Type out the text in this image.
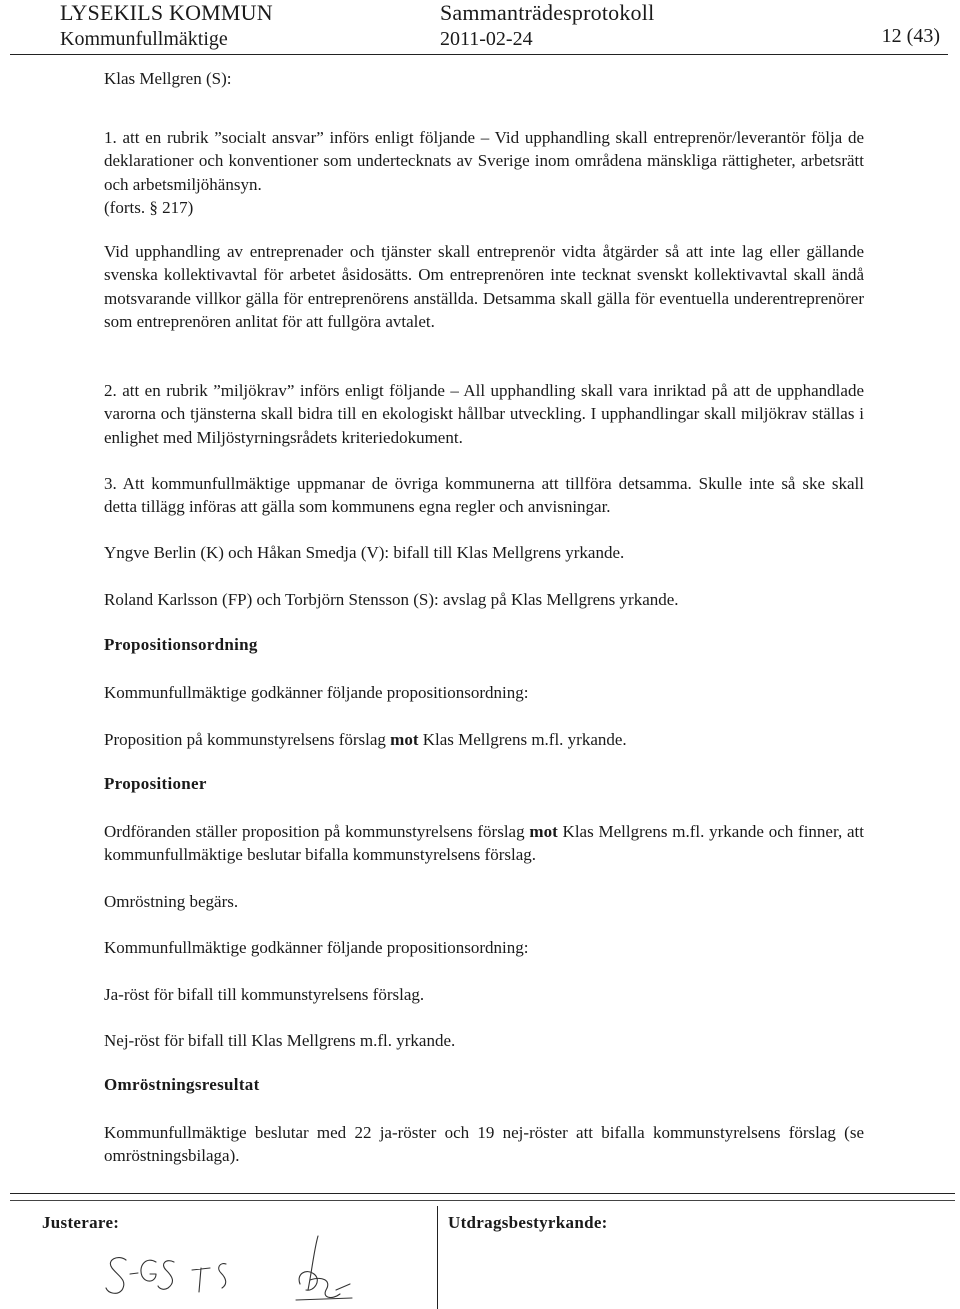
LYSEKILS KOMMUN
Kommunfullmäktige
Sammanträdesprotokoll
2011-02-24	12 (43)

Klas Mellgren (S):

1. att en rubrik ”socialt ansvar” införs enligt följande – Vid upphandling skall entreprenör/leverantör följa de deklarationer och konventioner som undertecknats av Sverige inom områdena mänskliga rättigheter, arbetsrätt och arbetsmiljöhänsyn.

(forts. § 217)

Vid upphandling av entreprenader och tjänster skall entreprenör vidta åtgärder så att inte lag eller gällande svenska kollektivavtal för arbetet åsidosätts. Om entreprenören inte tecknat svenskt kollektivavtal skall ändå motsvarande villkor gälla för entreprenörens anställda. Detsamma skall gälla för eventuella underentreprenörer som entreprenören anlitat för att fullgöra avtalet.

2. att en rubrik ”miljökrav” införs enligt följande – All upphandling skall vara inriktad på att de upphandlade varorna och tjänsterna skall bidra till en ekologiskt hållbar utveckling. I upphandlingar skall miljökrav ställas i enlighet med Miljöstyrningsrådets kriteriedokument.

3. Att kommunfullmäktige uppmanar de övriga kommunerna att tillföra detsamma. Skulle inte så ske skall detta tillägg införas att gälla som kommunens egna regler och anvisningar.

Yngve Berlin (K) och Håkan Smedja (V): bifall till Klas Mellgrens yrkande.

Roland Karlsson (FP) och Torbjörn Stensson (S): avslag på Klas Mellgrens yrkande.

Propositionsordning

Kommunfullmäktige godkänner följande propositionsordning:

Proposition på kommunstyrelsens förslag mot Klas Mellgrens m.fl. yrkande.

Propositioner

Ordföranden ställer proposition på kommunstyrelsens förslag mot Klas Mellgrens m.fl. yrkande och finner, att kommunfullmäktige beslutar bifalla kommunstyrelsens förslag.

Omröstning begärs.

Kommunfullmäktige godkänner följande propositionsordning:

Ja-röst för bifall till kommunstyrelsens förslag.

Nej-röst för bifall till Klas Mellgrens m.fl. yrkande.

Omröstningsresultat

Kommunfullmäktige beslutar med 22 ja-röster och 19 nej-röster att bifalla kommunstyrelsens förslag (se omröstningsbilaga).

Justerare:	Utdragsbestyrkande:
